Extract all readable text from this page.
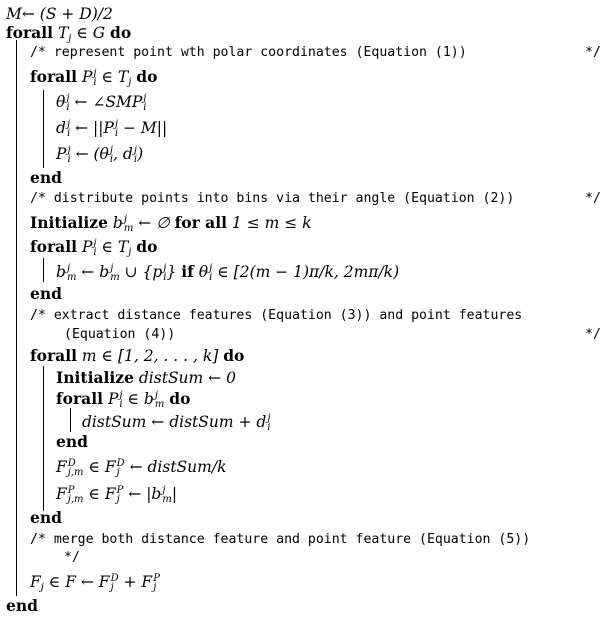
M← (S + D)/2
forall $T_j$ ∈ G do
/* represent point wth polar coordinates (Equation (1))	*/
forall P j
i ∈ $T_j$ do
θ j
i ← ∠SMP j
i
d j
i ← ||P j
i − M||
P j
i ← (θ j
i , d j
i )
end
/* distribute points into bins via their angle (Equation (2))	*/
Initialize b j
m ← ∅ for all 1 ≤ m ≤ k
forall P j
i ∈ $T_j$ do
b j
m ← b j
m ∪ {p j
i } if θ j
i ∈ [2(m − 1)π/k, 2mπ/k)
end
/* extract distance features (Equation (3)) and point features
(Equation (4))	*/
forall m ∈ [1, 2, . . . , k] do
Initialize distSum ← 0
forall P j
i ∈ b j
m do
distSum ← distSum + d j
i
end
F D
j,m ∈ F D
j ← distSum/k
F P
j,m ∈ F P
j ← |b j
m |
end
/* merge both distance feature and point feature (Equation (5))
*/
$F_j$ ∈ F ← F D
j + F P
j
end
